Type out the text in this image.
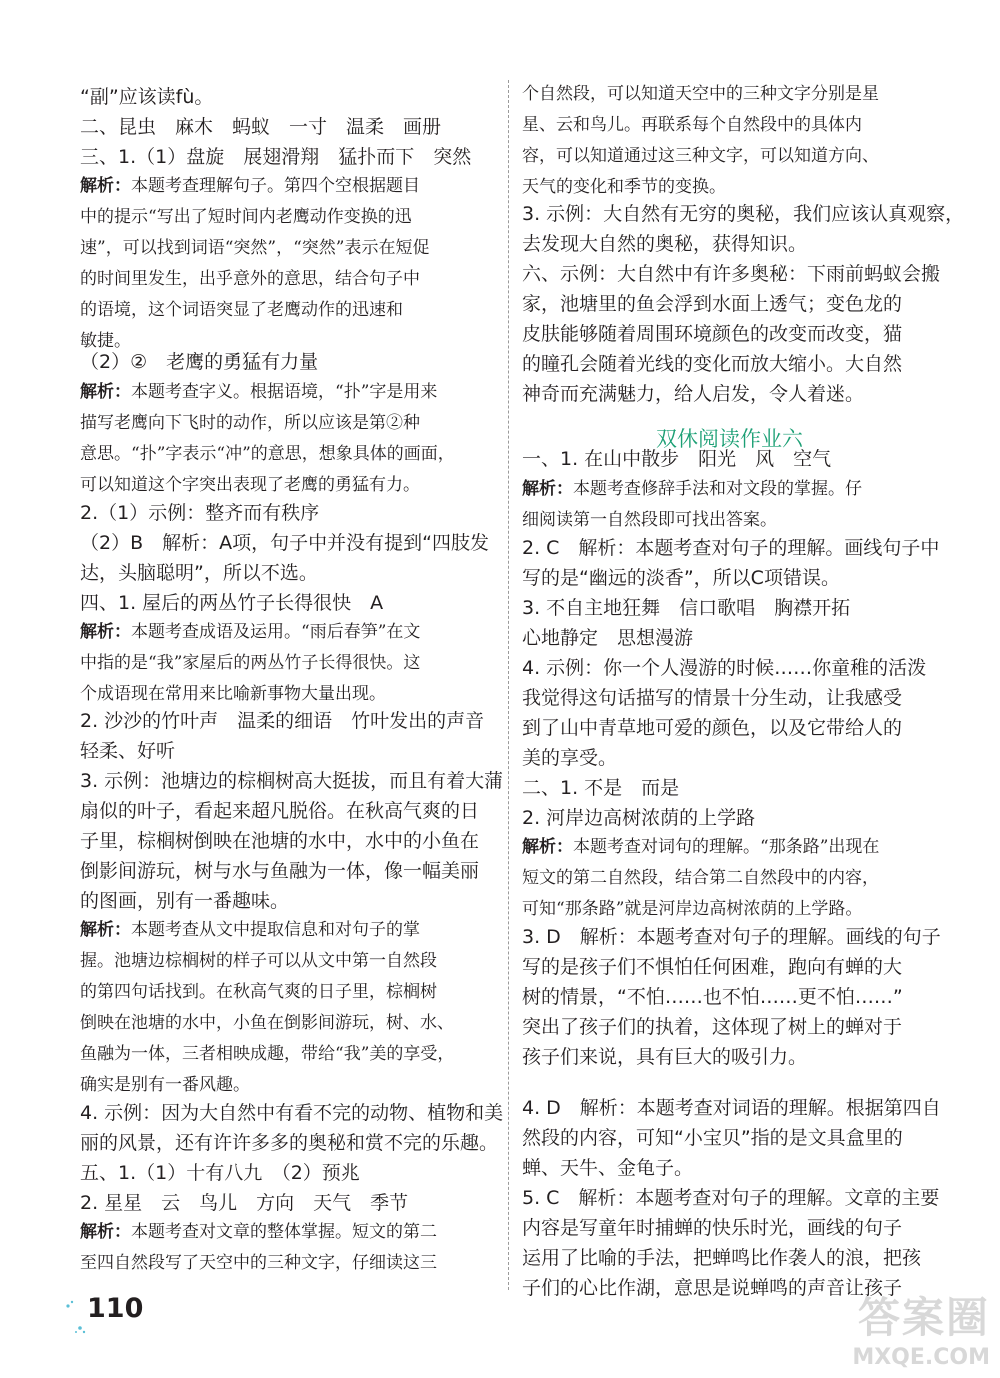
“副”应该读fù。
二、昆虫　麻木　蚂蚁　一寸　温柔　画册
三、1.（1）盘旋　展翅滑翔　猛扑而下　突然
解析：本题考查理解句子。第四个空根据题目
中的提示“写出了短时间内老鹰动作变换的迅
速”，可以找到词语“突然”，“突然”表示在短促
的时间里发生，出乎意外的意思，结合句子中
的语境，这个词语突显了老鹰动作的迅速和
敏捷。
（2）②　老鹰的勇猛有力量
解析：本题考查字义。根据语境，“扑”字是用来
描写老鹰向下飞时的动作，所以应该是第②种
意思。“扑”字表示“冲”的意思，想象具体的画面，
可以知道这个字突出表现了老鹰的勇猛有力。
2.（1）示例：整齐而有秩序
（2）B　解析：A项，句子中并没有提到“四肢发
达，头脑聪明”，所以不选。
四、1. 屋后的两丛竹子长得很快　A
解析：本题考查成语及运用。“雨后春笋”在文
中指的是“我”家屋后的两丛竹子长得很快。这
个成语现在常用来比喻新事物大量出现。
2. 沙沙的竹叶声　温柔的细语　竹叶发出的声音
轻柔、好听
3. 示例：池塘边的棕榈树高大挺拔，而且有着大蒲
扇似的叶子，看起来超凡脱俗。在秋高气爽的日
子里，棕榈树倒映在池塘的水中，水中的小鱼在
倒影间游玩，树与水与鱼融为一体，像一幅美丽
的图画，别有一番趣味。
解析：本题考查从文中提取信息和对句子的掌
握。池塘边棕榈树的样子可以从文中第一自然段
的第四句话找到。在秋高气爽的日子里，棕榈树
倒映在池塘的水中，小鱼在倒影间游玩，树、水、
鱼融为一体，三者相映成趣，带给“我”美的享受，
确实是别有一番风趣。
4. 示例：因为大自然中有看不完的动物、植物和美
丽的风景，还有许许多多的奥秘和赏不完的乐趣。
五、1.（1）十有八九　（2）预兆
2. 星星　云　鸟儿　方向　天气　季节
解析：本题考查对文章的整体掌握。短文的第二
至四自然段写了天空中的三种文字，仔细读这三
双休阅读作业六
个自然段，可以知道天空中的三种文字分别是星
星、云和鸟儿。再联系每个自然段中的具体内
容，可以知道通过这三种文字，可以知道方向、
天气的变化和季节的变换。
3. 示例：大自然有无穷的奥秘，我们应该认真观察，
去发现大自然的奥秘，获得知识。
六、示例：大自然中有许多奥秘：下雨前蚂蚁会搬
家，池塘里的鱼会浮到水面上透气；变色龙的
皮肤能够随着周围环境颜色的改变而改变，猫
的瞳孔会随着光线的变化而放大缩小。大自然
神奇而充满魅力，给人启发，令人着迷。
一、1. 在山中散步　阳光　风　空气
解析：本题考查修辞手法和对文段的掌握。仔
细阅读第一自然段即可找出答案。
2. C　解析：本题考查对句子的理解。画线句子中
写的是“幽远的淡香”，所以C项错误。
3. 不自主地狂舞　信口歌唱　胸襟开拓
心地静定　思想漫游
4. 示例：你一个人漫游的时候……你童稚的活泼
我觉得这句话描写的情景十分生动，让我感受
到了山中青草地可爱的颜色，以及它带给人的
美的享受。
二、1. 不是　而是
2. 河岸边高树浓荫的上学路
解析：本题考查对词句的理解。“那条路”出现在
短文的第二自然段，结合第二自然段中的内容，
可知“那条路”就是河岸边高树浓荫的上学路。
3. D　解析：本题考查对句子的理解。画线的句子
写的是孩子们不惧怕任何困难，跑向有蝉的大
树的情景，“不怕……也不怕……更不怕……”
突出了孩子们的执着，这体现了树上的蝉对于
孩子们来说，具有巨大的吸引力。
4. D　解析：本题考查对词语的理解。根据第四自
然段的内容，可知“小宝贝”指的是文具盒里的
蝉、天牛、金龟子。
5. C　解析：本题考查对句子的理解。文章的主要
内容是写童年时捕蝉的快乐时光，画线的句子
运用了比喻的手法，把蝉鸣比作袭人的浪，把孩
子们的心比作湖，意思是说蝉鸣的声音让孩子
110	答案圈
MXQE.COM
